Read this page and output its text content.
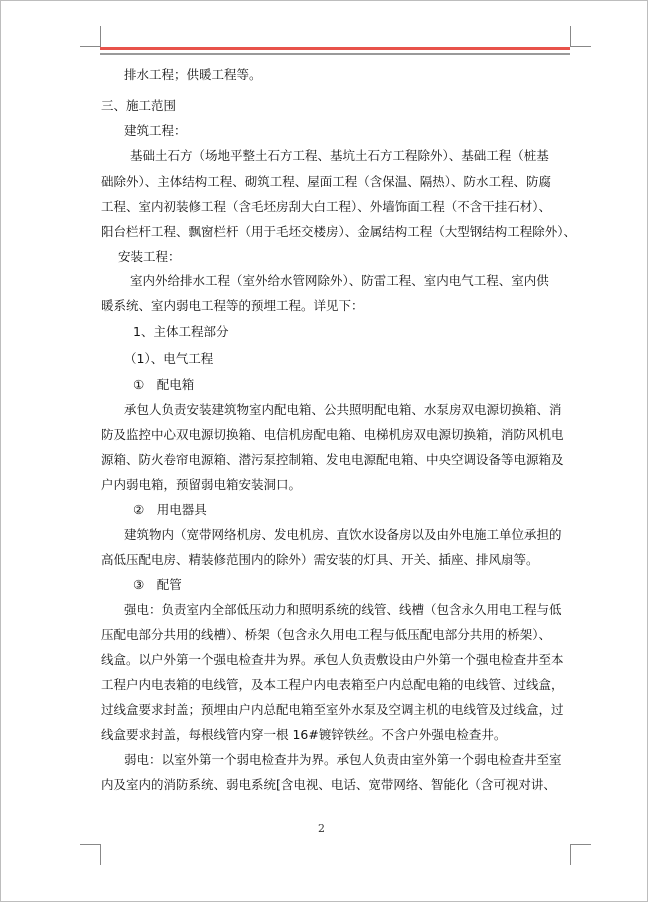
排水工程；供暖工程等。
三、施工范围
建筑工程：
基础土石方（场地平整土石方工程、基坑土石方工程除外）、基础工程（桩基
础除外）、主体结构工程、砌筑工程、屋面工程（含保温、隔热）、防水工程、防腐
工程、室内初装修工程（含毛坯房刮大白工程）、外墙饰面工程（不含干挂石材）、
阳台栏杆工程、飘窗栏杆（用于毛坯交楼房）、金属结构工程（大型钢结构工程除外）、
安装工程：
室内外给排水工程（室外给水管网除外）、防雷工程、室内电气工程、室内供
暖系统、室内弱电工程等的预埋工程。详见下：
1、主体工程部分
（1）、电气工程
①　配电箱
承包人负责安装建筑物室内配电箱、公共照明配电箱、水泵房双电源切换箱、消
防及监控中心双电源切换箱、电信机房配电箱、电梯机房双电源切换箱，消防风机电
源箱、防火卷帘电源箱、潜污泵控制箱、发电电源配电箱、中央空调设备等电源箱及
户内弱电箱，预留弱电箱安装洞口。
②　用电器具
建筑物内（宽带网络机房、发电机房、直饮水设备房以及由外电施工单位承担的
高低压配电房、精装修范围内的除外）需安装的灯具、开关、插座、排风扇等。
③　配管
强电：负责室内全部低压动力和照明系统的线管、线槽（包含永久用电工程与低
压配电部分共用的线槽）、桥架（包含永久用电工程与低压配电部分共用的桥架）、
线盒。以户外第一个强电检查井为界。承包人负责敷设由户外第一个强电检查井至本
工程户内电表箱的电线管，及本工程户内电表箱至户内总配电箱的电线管、过线盒，
过线盒要求封盖；预埋由户内总配电箱至室外水泵及空调主机的电线管及过线盒，过
线盒要求封盖，每根线管内穿一根 16#镀锌铁丝。不含户外强电检查井。
弱电：以室外第一个弱电检查井为界。承包人负责由室外第一个弱电检查井至室
内及室内的消防系统、弱电系统[含电视、电话、宽带网络、智能化（含可视对讲、
2
